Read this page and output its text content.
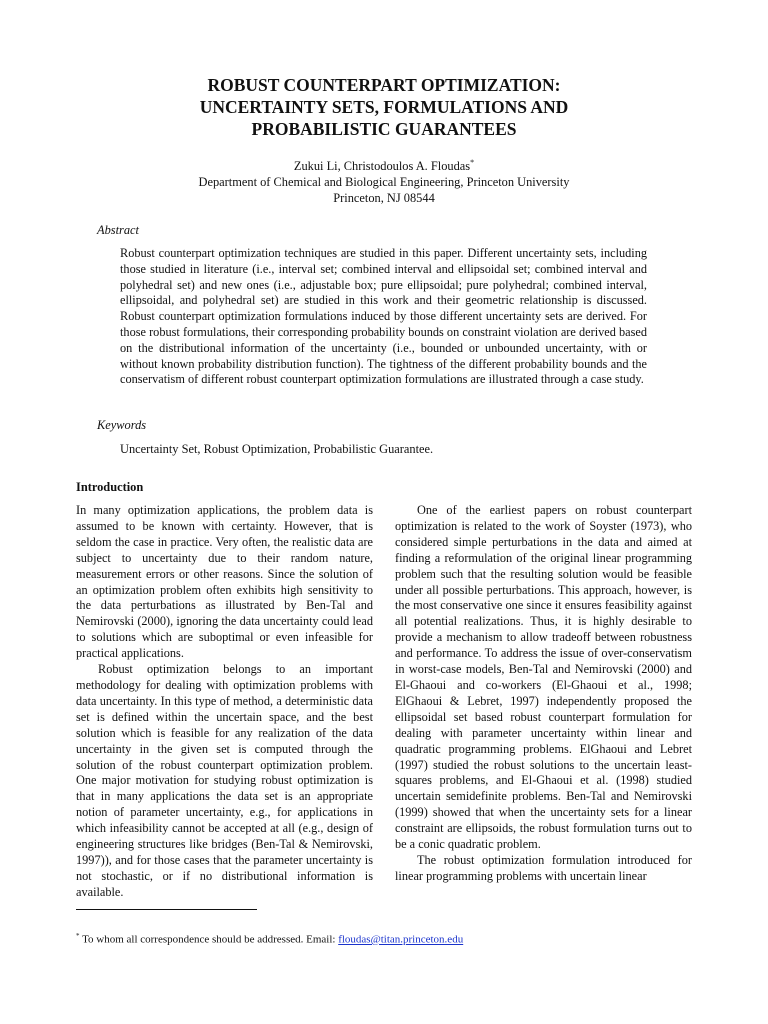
ROBUST COUNTERPART OPTIMIZATION:
UNCERTAINTY SETS, FORMULATIONS AND
PROBABILISTIC GUARANTEES
Zukui Li, Christodoulos A. Floudas*
Department of Chemical and Biological Engineering, Princeton University
Princeton, NJ 08544
Abstract
Robust counterpart optimization techniques are studied in this paper. Different uncertainty sets, including those studied in literature (i.e., interval set; combined interval and ellipsoidal set; combined interval and polyhedral set) and new ones (i.e., adjustable box; pure ellipsoidal; pure polyhedral; combined interval, ellipsoidal, and polyhedral set) are studied in this work and their geometric relationship is discussed. Robust counterpart optimization formulations induced by those different uncertainty sets are derived. For those robust formulations, their corresponding probability bounds on constraint violation are derived based on the distributional information of the uncertainty (i.e., bounded or unbounded uncertainty, with or without known probability distribution function). The tightness of the different probability bounds and the conservatism of different robust counterpart optimization formulations are illustrated through a case study.
Keywords
Uncertainty Set, Robust Optimization, Probabilistic Guarantee.
Introduction

In many optimization applications, the problem data is assumed to be known with certainty. However, that is seldom the case in practice. Very often, the realistic data are subject to uncertainty due to their random nature, measurement errors or other reasons. Since the solution of an optimization problem often exhibits high sensitivity to the data perturbations as illustrated by Ben-Tal and Nemirovski (2000), ignoring the data uncertainty could lead to solutions which are suboptimal or even infeasible for practical applications.

Robust optimization belongs to an important methodology for dealing with optimization problems with data uncertainty. In this type of method, a deterministic data set is defined within the uncertain space, and the best solution which is feasible for any realization of the data uncertainty in the given set is computed through the solution of the robust counterpart optimization problem. One major motivation for studying robust optimization is that in many applications the data set is an appropriate notion of parameter uncertainty, e.g., for applications in which infeasibility cannot be accepted at all (e.g., design of engineering structures like bridges (Ben-Tal & Nemirovski, 1997)), and for those cases that the parameter uncertainty is not stochastic, or if no distributional information is available.

One of the earliest papers on robust counterpart optimization is related to the work of Soyster (1973), who considered simple perturbations in the data and aimed at finding a reformulation of the original linear programming problem such that the resulting solution would be feasible under all possible perturbations. This approach, however, is the most conservative one since it ensures feasibility against all potential realizations. Thus, it is highly desirable to provide a mechanism to allow tradeoff between robustness and performance. To address the issue of over-conservatism in worst-case models, Ben-Tal and Nemirovski (2000) and El-Ghaoui and co-workers (El-Ghaoui et al., 1998; ElGhaoui & Lebret, 1997) independently proposed the ellipsoidal set based robust counterpart formulation for dealing with parameter uncertainty within linear and quadratic programming problems. ElGhaoui and Lebret (1997) studied the robust solutions to the uncertain least-squares problems, and El-Ghaoui et al. (1998) studied uncertain semidefinite problems. Ben-Tal and Nemirovski (1999) showed that when the uncertainty sets for a linear constraint are ellipsoids, the robust formulation turns out to be a conic quadratic problem.

The robust optimization formulation introduced for linear programming problems with uncertain linear

* To whom all correspondence should be addressed. Email: floudas@titan.princeton.edu
